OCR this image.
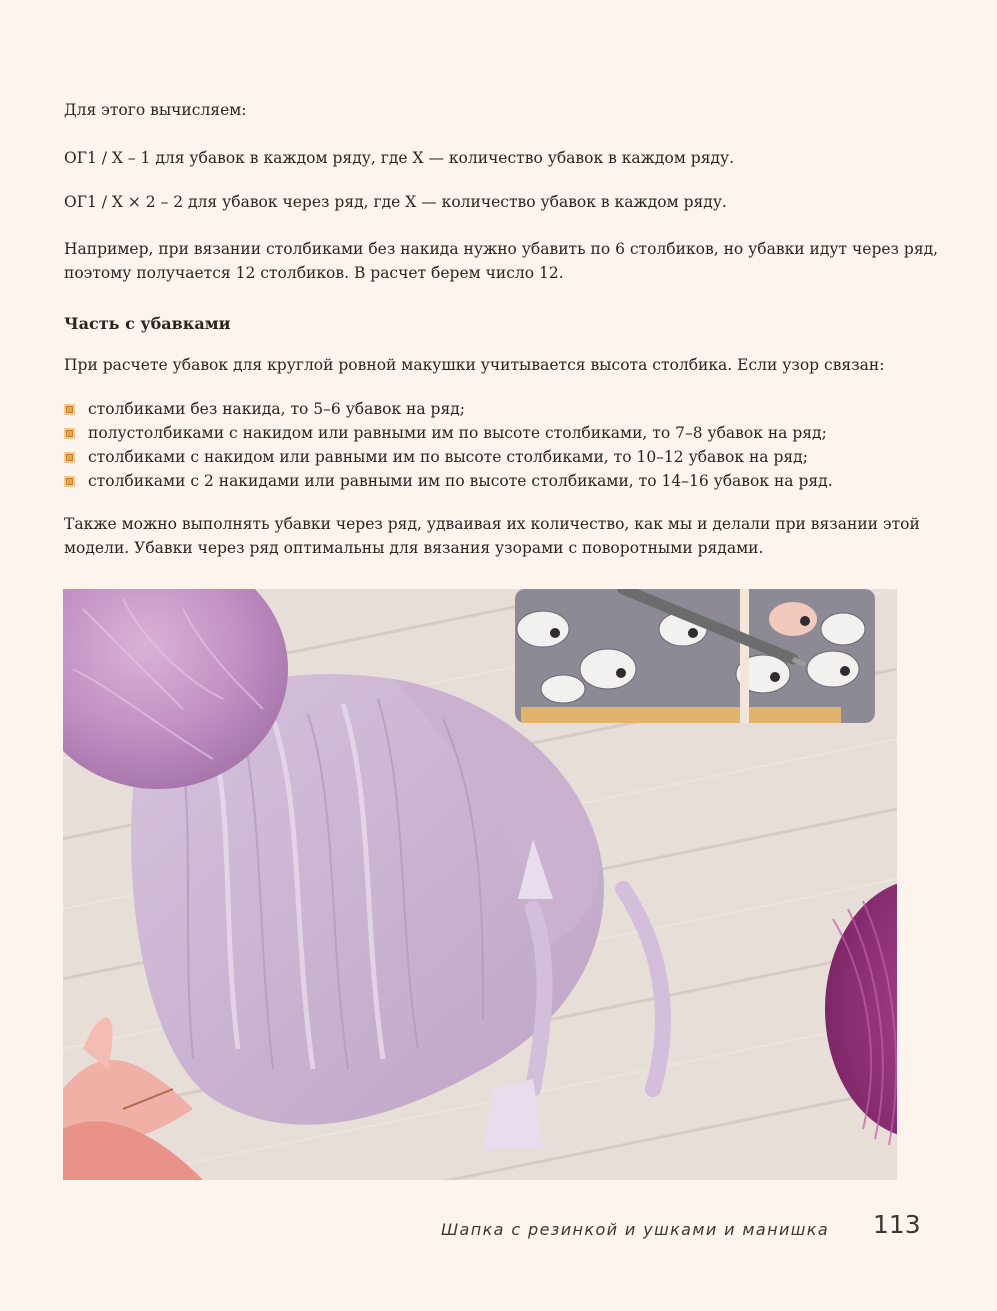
Для этого вычисляем:

ОГ1 / Х – 1 для убавок в каждом ряду, где Х — количество убавок в каждом ряду.

ОГ1 / Х × 2 – 2 для убавок через ряд, где Х — количество убавок в каждом ряду.

Например, при вязании столбиками без накида нужно убавить по 6 столбиков, но убавки идут через ряд,

поэтому получается 12 столбиков. В расчет берем число 12.

Часть с убавками

При расчете убавок для круглой ровной макушки учитывается высота столбика. Если узор связан:

столбиками без накида, то 5–6 убавок на ряд;
полустолбиками с накидом или равными им по высоте столбиками, то 7–8 убавок на ряд;
столбиками с накидом или равными им по высоте столбиками, то 10–12 убавок на ряд;
столбиками с 2 накидами или равными им по высоте столбиками, то 14–16 убавок на ряд.

Также можно выполнять убавки через ряд, удваивая их количество, как мы и делали при вязании этой

модели. Убавки через ряд оптимальны для вязания узорами с поворотными рядами.

Шапка с резинкой и ушками и манишка 113
